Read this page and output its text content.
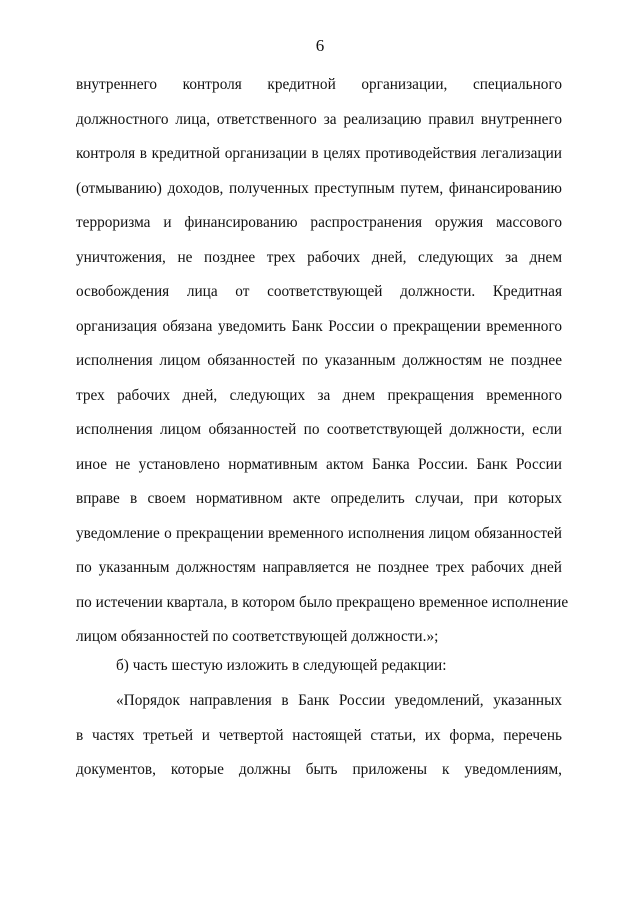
6
внутреннего контроля кредитной организации, специального
должностного лица, ответственного за реализацию правил внутреннего
контроля в кредитной организации в целях противодействия легализации
(отмыванию) доходов, полученных преступным путем, финансированию
терроризма и финансированию распространения оружия массового
уничтожения, не позднее трех рабочих дней, следующих за днем
освобождения лица от соответствующей должности. Кредитная
организация обязана уведомить Банк России о прекращении временного
исполнения лицом обязанностей по указанным должностям не позднее
трех рабочих дней, следующих за днем прекращения временного
исполнения лицом обязанностей по соответствующей должности, если
иное не установлено нормативным актом Банка России. Банк России
вправе в своем нормативном акте определить случаи, при которых
уведомление о прекращении временного исполнения лицом обязанностей
по указанным должностям направляется не позднее трех рабочих дней
по истечении квартала, в котором было прекращено временное исполнение
лицом обязанностей по соответствующей должности.»;
б) часть шестую изложить в следующей редакции:
«Порядок направления в Банк России уведомлений, указанных
в частях третьей и четвертой настоящей статьи, их форма, перечень
документов, которые должны быть приложены к уведомлениям,
